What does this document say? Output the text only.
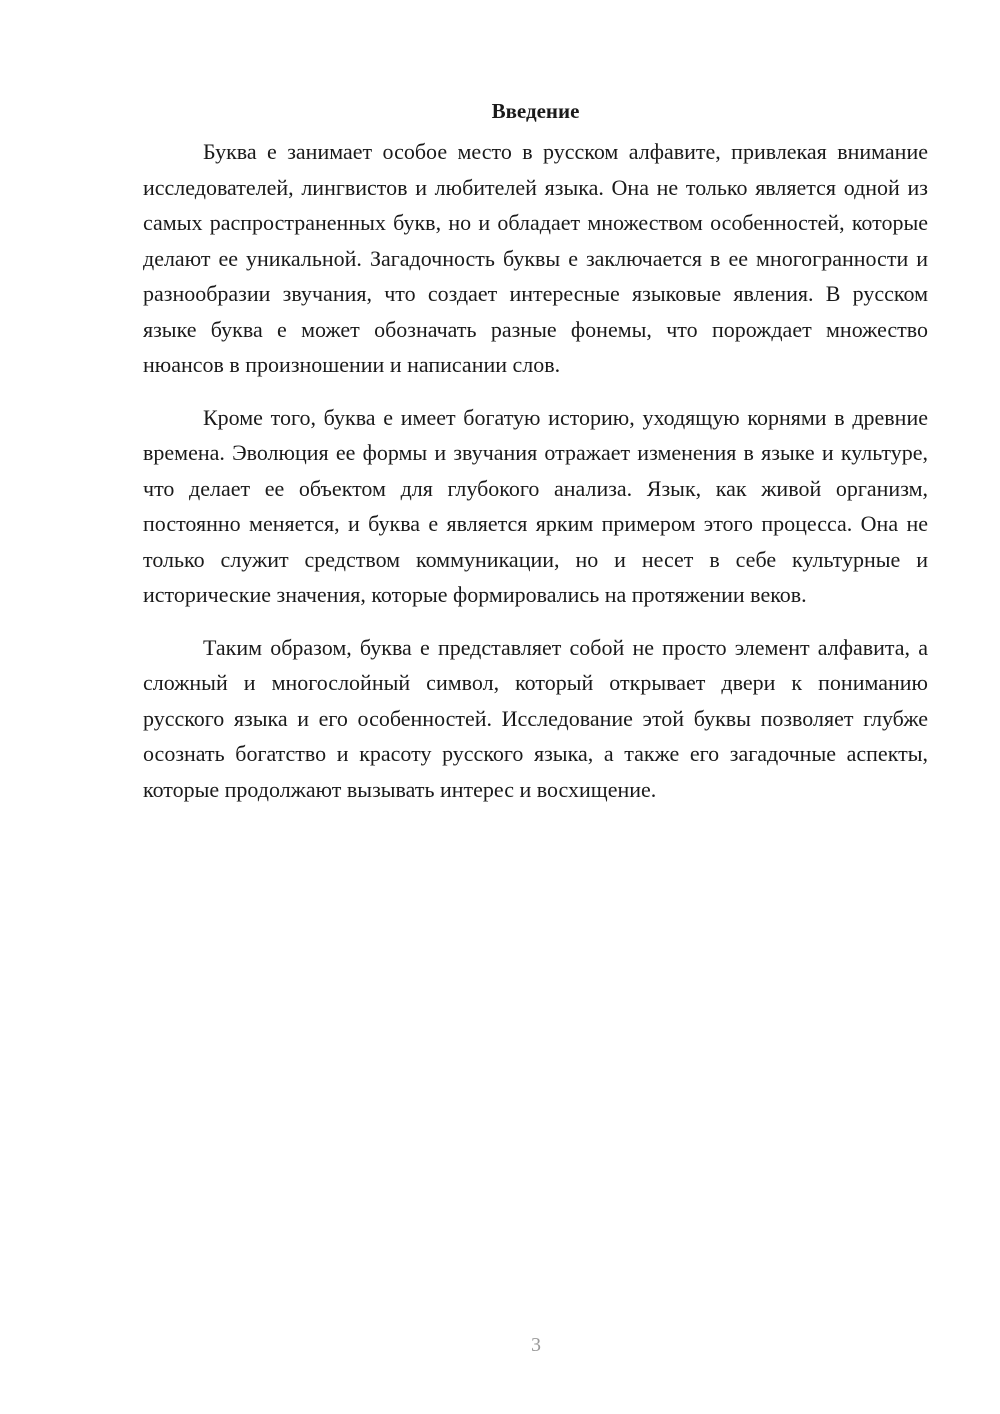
Введение

Буква е занимает особое место в русском алфавите, привлекая внимание исследователей, лингвистов и любителей языка. Она не только является одной из самых распространенных букв, но и обладает множеством особенностей, которые делают ее уникальной. Загадочность буквы е заключается в ее многогранности и разнообразии звучания, что создает интересные языковые явления. В русском языке буква е может обозначать разные фонемы, что порождает множество нюансов в произношении и написании слов.

Кроме того, буква е имеет богатую историю, уходящую корнями в древние времена. Эволюция ее формы и звучания отражает изменения в языке и культуре, что делает ее объектом для глубокого анализа. Язык, как живой организм, постоянно меняется, и буква е является ярким примером этого процесса. Она не только служит средством коммуникации, но и несет в себе культурные и исторические значения, которые формировались на протяжении веков.

Таким образом, буква е представляет собой не просто элемент алфавита, а сложный и многослойный символ, который открывает двери к пониманию русского языка и его особенностей. Исследование этой буквы позволяет глубже осознать богатство и красоту русского языка, а также его загадочные аспекты, которые продолжают вызывать интерес и восхищение.

3
